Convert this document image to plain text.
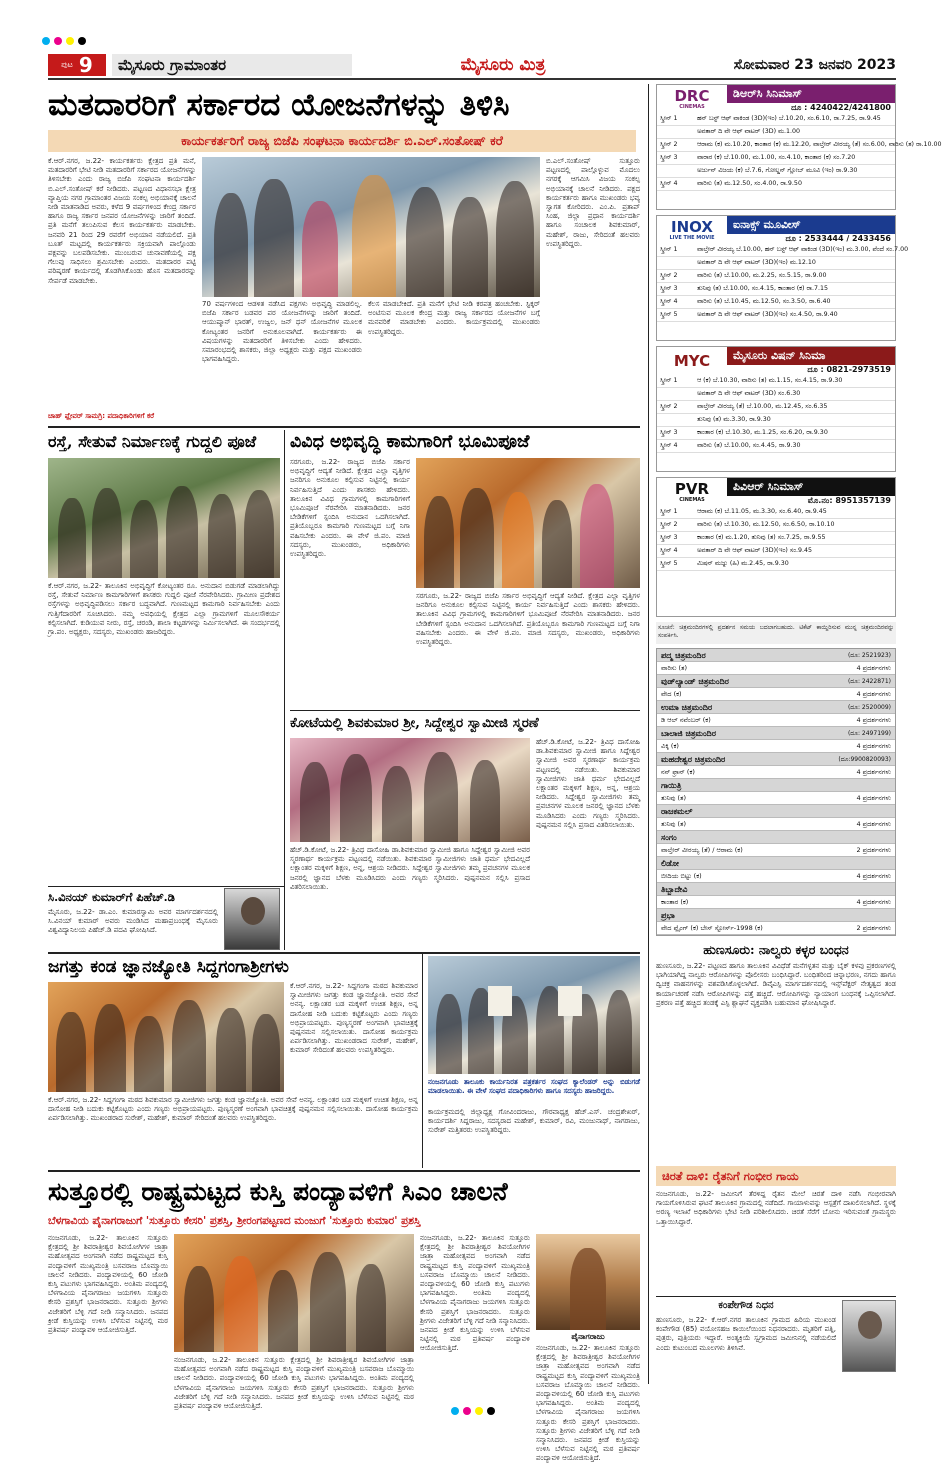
ಪುಟ 9	ಮೈಸೂರು ಗ್ರಾಮಾಂತರ	ಮೈಸೂರು ಮಿತ್ರ	ಸೋಮವಾರ 23 ಜನವರಿ 2023
ಮತದಾರರಿಗೆ ಸರ್ಕಾರದ ಯೋಜನೆಗಳನ್ನು ತಿಳಿಸಿ
ಕಾರ್ಯಕರ್ತರಿಗೆ ರಾಜ್ಯ ಬಿಜೆಪಿ ಸಂಘಟನಾ ಕಾರ್ಯದರ್ಶಿ ಬಿ.ಎಲ್.ಸಂತೋಷ್ ಕರೆ
ಕೆ.ಆರ್.ನಗರ, ಜ.22- ಕಾರ್ಯಕರ್ತರು ಕ್ಷೇತ್ರದ ಪ್ರತಿ ಮನೆ, ಮತದಾರರಿಗೆ ಭೇಟಿ ನೀಡಿ ಮತದಾರರಿಗೆ ಸರ್ಕಾರದ ಯೋಜನೆಗಳನ್ನು ತಿಳಿಸಬೇಕು ಎಂದು ರಾಜ್ಯ ಬಿಜೆಪಿ ಸಂಘಟನಾ ಕಾರ್ಯದರ್ಶಿ ಬಿ.ಎಲ್.ಸಂತೋಷ್ ಕರೆ ನೀಡಿದರು. ಪಟ್ಟಣದ ವಿಧಾನಸಭಾ ಕ್ಷೇತ್ರ ವ್ಯಾಪ್ತಿಯ ನಗರ ಗ್ರಾಮಾಂತರ ವಿಜಯ ಸಂಕಲ್ಪ ಅಭಿಯಾನಕ್ಕೆ ಚಾಲನೆ ನೀಡಿ ಮಾತನಾಡಿದ ಅವರು, ಕಳೆದ 9 ವರ್ಷಗಳಿಂದ ಕೇಂದ್ರ ಸರ್ಕಾರ ಹಾಗೂ ರಾಜ್ಯ ಸರ್ಕಾರ ಜನಪರ ಯೋಜನೆಗಳನ್ನು ಜಾರಿಗೆ ತಂದಿದೆ. ಪ್ರತಿ ಮನೆಗೆ ತಲುಪಿಸುವ ಕೆಲಸ ಕಾರ್ಯಕರ್ತರು ಮಾಡಬೇಕು. ಜನವರಿ 21 ರಿಂದ 29 ರವರೆಗೆ ಅಭಿಯಾನ ನಡೆಯಲಿದೆ. ಪ್ರತಿ ಬೂತ್ ಮಟ್ಟದಲ್ಲಿ ಕಾರ್ಯಕರ್ತರು ಸಕ್ರಿಯವಾಗಿ ಪಾಲ್ಗೊಂಡು ಪಕ್ಷವನ್ನು ಬಲಪಡಿಸಬೇಕು. ಮುಂಬರುವ ಚುನಾವಣೆಯಲ್ಲಿ ಪಕ್ಷ ಗೆಲುವು ಸಾಧಿಸಲು ಶ್ರಮಿಸಬೇಕು ಎಂದರು. ಮತದಾರರ ಪಟ್ಟಿ ಪರಿಷ್ಕರಣೆ ಕಾರ್ಯದಲ್ಲಿ ತೊಡಗಿಸಿಕೊಂಡು ಹೊಸ ಮತದಾರರನ್ನು ಸೇರ್ಪಡೆ ಮಾಡಬೇಕು.
ಚಾಹ್ ಫ್ಲೇವರ್ ಸಾಮಗ್ರಿ: ಪದಾಧಿಕಾರಿಗಳಿಗೆ ಕರೆ
70 ವರ್ಷಗಳಿಂದ ಆಡಳಿತ ನಡೆಸಿದ ಪಕ್ಷಗಳು ಅಭಿವೃದ್ಧಿ ಮಾಡಲಿಲ್ಲ. ಬಿಜೆಪಿ ಸರ್ಕಾರ ಬಡವರ ಪರ ಯೋಜನೆಗಳನ್ನು ಜಾರಿಗೆ ತಂದಿದೆ. ಆಯುಷ್ಮಾನ್ ಭಾರತ್, ಉಜ್ವಲ, ಜನ್ ಧನ್ ಯೋಜನೆಗಳ ಮೂಲಕ ಕೋಟ್ಯಂತರ ಜನರಿಗೆ ಅನುಕೂಲವಾಗಿದೆ. ಕಾರ್ಯಕರ್ತರು ಈ ವಿಷಯಗಳನ್ನು ಮತದಾರರಿಗೆ ತಿಳಿಸಬೇಕು ಎಂದು ಹೇಳಿದರು. ಸಮಾರಂಭದಲ್ಲಿ ಶಾಸಕರು, ಜಿಲ್ಲಾ ಅಧ್ಯಕ್ಷರು ಮತ್ತು ಪಕ್ಷದ ಮುಖಂಡರು ಭಾಗವಹಿಸಿದ್ದರು.
ಕೆಲಸ ಮಾಡಬೇಕಿದೆ. ಪ್ರತಿ ಮನೆಗೆ ಭೇಟಿ ನೀಡಿ ಕರಪತ್ರ ಹಂಚಬೇಕು. ಸ್ಟಿಕ್ಕರ್ ಅಂಟಿಸುವ ಮೂಲಕ ಕೇಂದ್ರ ಮತ್ತು ರಾಜ್ಯ ಸರ್ಕಾರದ ಯೋಜನೆಗಳ ಬಗ್ಗೆ ಮನವರಿಕೆ ಮಾಡಬೇಕು ಎಂದರು. ಕಾರ್ಯಕ್ರಮದಲ್ಲಿ ಮುಖಂಡರು ಉಪಸ್ಥಿತರಿದ್ದರು.
ಬಿ.ಎಲ್.ಸಂತೋಷ್ ಸುತ್ತೂರು ಪಟ್ಟಣದಲ್ಲಿ ಪಾಲ್ಗೊಳ್ಳುವ ಮೊದಲು ನಗರಕ್ಕೆ ಆಗಮಿಸಿ ವಿಜಯ ಸಂಕಲ್ಪ ಅಭಿಯಾನಕ್ಕೆ ಚಾಲನೆ ನೀಡಿದರು. ಪಕ್ಷದ ಕಾರ್ಯಕರ್ತರು ಹಾಗೂ ಮುಖಂಡರು ಭವ್ಯ ಸ್ವಾಗತ ಕೋರಿದರು. ಎಂ.ಪಿ. ಪ್ರತಾಪ್ ಸಿಂಹ, ಜಿಲ್ಲಾ ಪ್ರಧಾನ ಕಾರ್ಯದರ್ಶಿ ಹಾಗೂ ಸಂಚಾಲಕ ಶಿವಕುಮಾರ್, ಮಹೇಶ್, ರಾಜು, ಸೇರಿದಂತೆ ಹಲವರು ಉಪಸ್ಥಿತರಿದ್ದರು.
ರಸ್ತೆ, ಸೇತುವೆ ನಿರ್ಮಾಣಕ್ಕೆ ಗುದ್ದಲಿ ಪೂಜೆ
ಕೆ.ಆರ್.ನಗರ, ಜ.22- ತಾಲೂಕಿನ ಅಭಿವೃದ್ಧಿಗೆ ಕೋಟ್ಯಂತರ ರೂ. ಅನುದಾನ ಬಿಡುಗಡೆ ಮಾಡಲಾಗಿದ್ದು ರಸ್ತೆ, ಸೇತುವೆ ನಿರ್ಮಾಣ ಕಾಮಗಾರಿಗಳಿಗೆ ಶಾಸಕರು ಗುದ್ದಲಿ ಪೂಜೆ ನೆರವೇರಿಸಿದರು. ಗ್ರಾಮೀಣ ಪ್ರದೇಶದ ರಸ್ತೆಗಳನ್ನು ಅಭಿವೃದ್ಧಿಪಡಿಸಲು ಸರ್ಕಾರ ಬದ್ಧವಾಗಿದೆ. ಗುಣಮಟ್ಟದ ಕಾಮಗಾರಿ ನಿರ್ವಹಿಸಬೇಕು ಎಂದು ಗುತ್ತಿಗೆದಾರರಿಗೆ ಸೂಚಿಸಿದರು. ನಮ್ಮ ಅವಧಿಯಲ್ಲಿ ಕ್ಷೇತ್ರದ ಎಲ್ಲಾ ಗ್ರಾಮಗಳಿಗೆ ಮೂಲಸೌಕರ್ಯ ಕಲ್ಪಿಸಲಾಗಿದೆ. ಕುಡಿಯುವ ನೀರು, ರಸ್ತೆ, ಚರಂಡಿ, ಶಾಲಾ ಕಟ್ಟಡಗಳನ್ನು ನಿರ್ಮಿಸಲಾಗಿದೆ. ಈ ಸಂದರ್ಭದಲ್ಲಿ ಗ್ರಾ.ಪಂ. ಅಧ್ಯಕ್ಷರು, ಸದಸ್ಯರು, ಮುಖಂಡರು ಹಾಜರಿದ್ದರು.
ವಿವಿಧ ಅಭಿವೃದ್ಧಿ ಕಾಮಗಾರಿಗೆ ಭೂಮಿಪೂಜೆ
ಸರಗೂರು, ಜ.22- ರಾಜ್ಯದ ಬಿಜೆಪಿ ಸರ್ಕಾರ ಅಭಿವೃದ್ಧಿಗೆ ಆದ್ಯತೆ ನೀಡಿದೆ. ಕ್ಷೇತ್ರದ ಎಲ್ಲಾ ವೃತ್ತಿಗಳ ಜನರಿಗೂ ಅನುಕೂಲ ಕಲ್ಪಿಸುವ ನಿಟ್ಟಿನಲ್ಲಿ ಕಾರ್ಯ ನಿರ್ವಹಿಸುತ್ತಿದೆ ಎಂದು ಶಾಸಕರು ಹೇಳಿದರು. ತಾಲೂಕಿನ ವಿವಿಧ ಗ್ರಾಮಗಳಲ್ಲಿ ಕಾಮಗಾರಿಗಳಿಗೆ ಭೂಮಿಪೂಜೆ ನೆರವೇರಿಸಿ ಮಾತನಾಡಿದರು. ಜನರ ಬೇಡಿಕೆಗಳಿಗೆ ಸ್ಪಂದಿಸಿ ಅನುದಾನ ಒದಗಿಸಲಾಗಿದೆ. ಪ್ರತಿಯೊಬ್ಬರೂ ಕಾಮಗಾರಿ ಗುಣಮಟ್ಟದ ಬಗ್ಗೆ ನಿಗಾ ವಹಿಸಬೇಕು ಎಂದರು. ಈ ವೇಳೆ ಜಿ.ಪಂ. ಮಾಜಿ ಸದಸ್ಯರು, ಮುಖಂಡರು, ಅಧಿಕಾರಿಗಳು ಉಪಸ್ಥಿತರಿದ್ದರು.
ಸರಗೂರು, ಜ.22- ರಾಜ್ಯದ ಬಿಜೆಪಿ ಸರ್ಕಾರ ಅಭಿವೃದ್ಧಿಗೆ ಆದ್ಯತೆ ನೀಡಿದೆ. ಕ್ಷೇತ್ರದ ಎಲ್ಲಾ ವೃತ್ತಿಗಳ ಜನರಿಗೂ ಅನುಕೂಲ ಕಲ್ಪಿಸುವ ನಿಟ್ಟಿನಲ್ಲಿ ಕಾರ್ಯ ನಿರ್ವಹಿಸುತ್ತಿದೆ ಎಂದು ಶಾಸಕರು ಹೇಳಿದರು. ತಾಲೂಕಿನ ವಿವಿಧ ಗ್ರಾಮಗಳಲ್ಲಿ ಕಾಮಗಾರಿಗಳಿಗೆ ಭೂಮಿಪೂಜೆ ನೆರವೇರಿಸಿ ಮಾತನಾಡಿದರು. ಜನರ ಬೇಡಿಕೆಗಳಿಗೆ ಸ್ಪಂದಿಸಿ ಅನುದಾನ ಒದಗಿಸಲಾಗಿದೆ. ಪ್ರತಿಯೊಬ್ಬರೂ ಕಾಮಗಾರಿ ಗುಣಮಟ್ಟದ ಬಗ್ಗೆ ನಿಗಾ ವಹಿಸಬೇಕು ಎಂದರು. ಈ ವೇಳೆ ಜಿ.ಪಂ. ಮಾಜಿ ಸದಸ್ಯರು, ಮುಖಂಡರು, ಅಧಿಕಾರಿಗಳು ಉಪಸ್ಥಿತರಿದ್ದರು.
ಕೋಟೆಯಲ್ಲಿ ಶಿವಕುಮಾರ ಶ್ರೀ, ಸಿದ್ದೇಶ್ವರ ಸ್ವಾಮೀಜಿ ಸ್ಮರಣೆ
ಹೆಚ್.ಡಿ.ಕೋಟೆ, ಜ.22- ತ್ರಿವಿಧ ದಾಸೋಹಿ ಡಾ.ಶಿವಕುಮಾರ ಸ್ವಾಮೀಜಿ ಹಾಗೂ ಸಿದ್ದೇಶ್ವರ ಸ್ವಾಮೀಜಿ ಅವರ ಸ್ಮರಣಾರ್ಥ ಕಾರ್ಯಕ್ರಮ ಪಟ್ಟಣದಲ್ಲಿ ನಡೆಯಿತು. ಶಿವಕುಮಾರ ಸ್ವಾಮೀಜಿಗಳು ಜಾತಿ ಧರ್ಮ ಭೇದವಿಲ್ಲದೆ ಲಕ್ಷಾಂತರ ಮಕ್ಕಳಿಗೆ ಶಿಕ್ಷಣ, ಅನ್ನ, ಆಶ್ರಯ ನೀಡಿದರು. ಸಿದ್ದೇಶ್ವರ ಸ್ವಾಮೀಜಿಗಳು ತಮ್ಮ ಪ್ರವಚನಗಳ ಮೂಲಕ ಜನರಲ್ಲಿ ಜ್ಞಾನದ ಬೆಳಕು ಮೂಡಿಸಿದರು ಎಂದು ಗಣ್ಯರು ಸ್ಮರಿಸಿದರು. ಪುಷ್ಪನಮನ ಸಲ್ಲಿಸಿ ಪ್ರಸಾದ ವಿತರಿಸಲಾಯಿತು.
ಹೆಚ್.ಡಿ.ಕೋಟೆ, ಜ.22- ತ್ರಿವಿಧ ದಾಸೋಹಿ ಡಾ.ಶಿವಕುಮಾರ ಸ್ವಾಮೀಜಿ ಹಾಗೂ ಸಿದ್ದೇಶ್ವರ ಸ್ವಾಮೀಜಿ ಅವರ ಸ್ಮರಣಾರ್ಥ ಕಾರ್ಯಕ್ರಮ ಪಟ್ಟಣದಲ್ಲಿ ನಡೆಯಿತು. ಶಿವಕುಮಾರ ಸ್ವಾಮೀಜಿಗಳು ಜಾತಿ ಧರ್ಮ ಭೇದವಿಲ್ಲದೆ ಲಕ್ಷಾಂತರ ಮಕ್ಕಳಿಗೆ ಶಿಕ್ಷಣ, ಅನ್ನ, ಆಶ್ರಯ ನೀಡಿದರು. ಸಿದ್ದೇಶ್ವರ ಸ್ವಾಮೀಜಿಗಳು ತಮ್ಮ ಪ್ರವಚನಗಳ ಮೂಲಕ ಜನರಲ್ಲಿ ಜ್ಞಾನದ ಬೆಳಕು ಮೂಡಿಸಿದರು ಎಂದು ಗಣ್ಯರು ಸ್ಮರಿಸಿದರು. ಪುಷ್ಪನಮನ ಸಲ್ಲಿಸಿ ಪ್ರಸಾದ ವಿತರಿಸಲಾಯಿತು.
ಸಿ.ವಿನಯ್ ಕುಮಾರ್‌ಗೆ ಪಿಹೆಚ್.ಡಿ
ಮೈಸೂರು, ಜ.22- ಡಾ.ಎಂ. ಕುಮಾರಸ್ವಾಮಿ ಅವರ ಮಾರ್ಗದರ್ಶನದಲ್ಲಿ ಸಿ.ವಿನಯ್ ಕುಮಾರ್ ಅವರು ಮಂಡಿಸಿದ ಮಹಾಪ್ರಬಂಧಕ್ಕೆ ಮೈಸೂರು ವಿಶ್ವವಿದ್ಯಾನಿಲಯ ಪಿಹೆಚ್.ಡಿ ಪದವಿ ಘೋಷಿಸಿದೆ.
ಜಗತ್ತು ಕಂಡ ಜ್ಞಾನಜ್ಯೋತಿ ಸಿದ್ದಗಂಗಾಶ್ರೀಗಳು
ಕೆ.ಆರ್.ನಗರ, ಜ.22- ಸಿದ್ದಗಂಗಾ ಮಠದ ಶಿವಕುಮಾರ ಸ್ವಾಮೀಜಿಗಳು ಜಗತ್ತು ಕಂಡ ಜ್ಞಾನಜ್ಯೋತಿ. ಅವರ ಸೇವೆ ಅನನ್ಯ. ಲಕ್ಷಾಂತರ ಬಡ ಮಕ್ಕಳಿಗೆ ಉಚಿತ ಶಿಕ್ಷಣ, ಅನ್ನ ದಾಸೋಹ ನೀಡಿ ಬದುಕು ಕಟ್ಟಿಕೊಟ್ಟರು ಎಂದು ಗಣ್ಯರು ಅಭಿಪ್ರಾಯಪಟ್ಟರು. ಪುಣ್ಯಸ್ಮರಣೆ ಅಂಗವಾಗಿ ಭಾವಚಿತ್ರಕ್ಕೆ ಪುಷ್ಪನಮನ ಸಲ್ಲಿಸಲಾಯಿತು. ದಾಸೋಹ ಕಾರ್ಯಕ್ರಮ ಏರ್ಪಡಿಸಲಾಗಿತ್ತು. ಮುಖಂಡರಾದ ಸುರೇಶ್, ಮಹೇಶ್, ಕುಮಾರ್ ಸೇರಿದಂತೆ ಹಲವರು ಉಪಸ್ಥಿತರಿದ್ದರು.
ಕೆ.ಆರ್.ನಗರ, ಜ.22- ಸಿದ್ದಗಂಗಾ ಮಠದ ಶಿವಕುಮಾರ ಸ್ವಾಮೀಜಿಗಳು ಜಗತ್ತು ಕಂಡ ಜ್ಞಾನಜ್ಯೋತಿ. ಅವರ ಸೇವೆ ಅನನ್ಯ. ಲಕ್ಷಾಂತರ ಬಡ ಮಕ್ಕಳಿಗೆ ಉಚಿತ ಶಿಕ್ಷಣ, ಅನ್ನ ದಾಸೋಹ ನೀಡಿ ಬದುಕು ಕಟ್ಟಿಕೊಟ್ಟರು ಎಂದು ಗಣ್ಯರು ಅಭಿಪ್ರಾಯಪಟ್ಟರು. ಪುಣ್ಯಸ್ಮರಣೆ ಅಂಗವಾಗಿ ಭಾವಚಿತ್ರಕ್ಕೆ ಪುಷ್ಪನಮನ ಸಲ್ಲಿಸಲಾಯಿತು. ದಾಸೋಹ ಕಾರ್ಯಕ್ರಮ ಏರ್ಪಡಿಸಲಾಗಿತ್ತು. ಮುಖಂಡರಾದ ಸುರೇಶ್, ಮಹೇಶ್, ಕುಮಾರ್ ಸೇರಿದಂತೆ ಹಲವರು ಉಪಸ್ಥಿತರಿದ್ದರು.
ನಂಜನಗೂಡು ತಾಲೂಕು ಕಾರ್ಯನಿರತ ಪತ್ರಕರ್ತರ ಸಂಘದ ಕ್ಯಾಲೆಂಡರ್ ಅನ್ನು ಬಿಡುಗಡೆ ಮಾಡಲಾಯಿತು. ಈ ವೇಳೆ ಸಂಘದ ಪದಾಧಿಕಾರಿಗಳು ಹಾಗೂ ಸದಸ್ಯರು ಹಾಜರಿದ್ದರು.
ಕಾರ್ಯಕ್ರಮದಲ್ಲಿ ಜಿಲ್ಲಾಧ್ಯಕ್ಷ ಗೋವಿಂದರಾಜು, ಗೌರವಾಧ್ಯಕ್ಷ ಹೆಚ್.ಎಸ್. ಚಂದ್ರಶೇಖರ್, ಕಾರ್ಯದರ್ಶಿ ಸಿದ್ದರಾಜು, ಸದಸ್ಯರಾದ ಮಹೇಶ್, ಕುಮಾರ್, ರವಿ, ಮಂಜುನಾಥ್, ನಾಗರಾಜು, ಸುರೇಶ್ ಮತ್ತಿತರರು ಉಪಸ್ಥಿತರಿದ್ದರು.
ಸುತ್ತೂರಲ್ಲಿ ರಾಷ್ಟ್ರಮಟ್ಟದ ಕುಸ್ತಿ ಪಂದ್ಯಾವಳಿಗೆ ಸಿಎಂ ಚಾಲನೆ
ಬೆಳಗಾವಿಯ ಪೈನಾಗರಾಜುಗೆ 'ಸುತ್ತೂರು ಕೇಸರಿ' ಪ್ರಶಸ್ತಿ, ಶ್ರೀರಂಗಪಟ್ಟಣದ ಮಂಜುಗೆ 'ಸುತ್ತೂರು ಕುಮಾರ' ಪ್ರಶಸ್ತಿ
ನಂಜನಗೂಡು, ಜ.22- ತಾಲೂಕಿನ ಸುತ್ತೂರು ಕ್ಷೇತ್ರದಲ್ಲಿ ಶ್ರೀ ಶಿವರಾತ್ರೀಶ್ವರ ಶಿವಯೋಗಿಗಳ ಜಾತ್ರಾ ಮಹೋತ್ಸವದ ಅಂಗವಾಗಿ ನಡೆದ ರಾಷ್ಟ್ರಮಟ್ಟದ ಕುಸ್ತಿ ಪಂದ್ಯಾವಳಿಗೆ ಮುಖ್ಯಮಂತ್ರಿ ಬಸವರಾಜ ಬೊಮ್ಮಾಯಿ ಚಾಲನೆ ನೀಡಿದರು. ಪಂದ್ಯಾವಳಿಯಲ್ಲಿ 60 ಜೋಡಿ ಕುಸ್ತಿ ಪಟುಗಳು ಭಾಗವಹಿಸಿದ್ದರು. ಅಂತಿಮ ಪಂದ್ಯದಲ್ಲಿ ಬೆಳಗಾವಿಯ ಪೈನಾಗರಾಜು ಜಯಗಳಿಸಿ ಸುತ್ತೂರು ಕೇಸರಿ ಪ್ರಶಸ್ತಿಗೆ ಭಾಜನರಾದರು. ಸುತ್ತೂರು ಶ್ರೀಗಳು ವಿಜೇತರಿಗೆ ಬೆಳ್ಳಿ ಗದೆ ನೀಡಿ ಸನ್ಮಾನಿಸಿದರು. ಜನಪದ ಕ್ರೀಡೆ ಕುಸ್ತಿಯನ್ನು ಉಳಿಸಿ ಬೆಳೆಸುವ ನಿಟ್ಟಿನಲ್ಲಿ ಮಠ ಪ್ರತಿವರ್ಷ ಪಂದ್ಯಾವಳಿ ಆಯೋಜಿಸುತ್ತಿದೆ.
ನಂಜನಗೂಡು, ಜ.22- ತಾಲೂಕಿನ ಸುತ್ತೂರು ಕ್ಷೇತ್ರದಲ್ಲಿ ಶ್ರೀ ಶಿವರಾತ್ರೀಶ್ವರ ಶಿವಯೋಗಿಗಳ ಜಾತ್ರಾ ಮಹೋತ್ಸವದ ಅಂಗವಾಗಿ ನಡೆದ ರಾಷ್ಟ್ರಮಟ್ಟದ ಕುಸ್ತಿ ಪಂದ್ಯಾವಳಿಗೆ ಮುಖ್ಯಮಂತ್ರಿ ಬಸವರಾಜ ಬೊಮ್ಮಾಯಿ ಚಾಲನೆ ನೀಡಿದರು. ಪಂದ್ಯಾವಳಿಯಲ್ಲಿ 60 ಜೋಡಿ ಕುಸ್ತಿ ಪಟುಗಳು ಭಾಗವಹಿಸಿದ್ದರು. ಅಂತಿಮ ಪಂದ್ಯದಲ್ಲಿ ಬೆಳಗಾವಿಯ ಪೈನಾಗರಾಜು ಜಯಗಳಿಸಿ ಸುತ್ತೂರು ಕೇಸರಿ ಪ್ರಶಸ್ತಿಗೆ ಭಾಜನರಾದರು. ಸುತ್ತೂರು ಶ್ರೀಗಳು ವಿಜೇತರಿಗೆ ಬೆಳ್ಳಿ ಗದೆ ನೀಡಿ ಸನ್ಮಾನಿಸಿದರು. ಜನಪದ ಕ್ರೀಡೆ ಕುಸ್ತಿಯನ್ನು ಉಳಿಸಿ ಬೆಳೆಸುವ ನಿಟ್ಟಿನಲ್ಲಿ ಮಠ ಪ್ರತಿವರ್ಷ ಪಂದ್ಯಾವಳಿ ಆಯೋಜಿಸುತ್ತಿದೆ.
ನಂಜನಗೂಡು, ಜ.22- ತಾಲೂಕಿನ ಸುತ್ತೂರು ಕ್ಷೇತ್ರದಲ್ಲಿ ಶ್ರೀ ಶಿವರಾತ್ರೀಶ್ವರ ಶಿವಯೋಗಿಗಳ ಜಾತ್ರಾ ಮಹೋತ್ಸವದ ಅಂಗವಾಗಿ ನಡೆದ ರಾಷ್ಟ್ರಮಟ್ಟದ ಕುಸ್ತಿ ಪಂದ್ಯಾವಳಿಗೆ ಮುಖ್ಯಮಂತ್ರಿ ಬಸವರಾಜ ಬೊಮ್ಮಾಯಿ ಚಾಲನೆ ನೀಡಿದರು. ಪಂದ್ಯಾವಳಿಯಲ್ಲಿ 60 ಜೋಡಿ ಕುಸ್ತಿ ಪಟುಗಳು ಭಾಗವಹಿಸಿದ್ದರು. ಅಂತಿಮ ಪಂದ್ಯದಲ್ಲಿ ಬೆಳಗಾವಿಯ ಪೈನಾಗರಾಜು ಜಯಗಳಿಸಿ ಸುತ್ತೂರು ಕೇಸರಿ ಪ್ರಶಸ್ತಿಗೆ ಭಾಜನರಾದರು. ಸುತ್ತೂರು ಶ್ರೀಗಳು ವಿಜೇತರಿಗೆ ಬೆಳ್ಳಿ ಗದೆ ನೀಡಿ ಸನ್ಮಾನಿಸಿದರು. ಜನಪದ ಕ್ರೀಡೆ ಕುಸ್ತಿಯನ್ನು ಉಳಿಸಿ ಬೆಳೆಸುವ ನಿಟ್ಟಿನಲ್ಲಿ ಮಠ ಪ್ರತಿವರ್ಷ ಪಂದ್ಯಾವಳಿ ಆಯೋಜಿಸುತ್ತಿದೆ.
ಪೈನಾಗರಾಜು
ನಂಜನಗೂಡು, ಜ.22- ತಾಲೂಕಿನ ಸುತ್ತೂರು ಕ್ಷೇತ್ರದಲ್ಲಿ ಶ್ರೀ ಶಿವರಾತ್ರೀಶ್ವರ ಶಿವಯೋಗಿಗಳ ಜಾತ್ರಾ ಮಹೋತ್ಸವದ ಅಂಗವಾಗಿ ನಡೆದ ರಾಷ್ಟ್ರಮಟ್ಟದ ಕುಸ್ತಿ ಪಂದ್ಯಾವಳಿಗೆ ಮುಖ್ಯಮಂತ್ರಿ ಬಸವರಾಜ ಬೊಮ್ಮಾಯಿ ಚಾಲನೆ ನೀಡಿದರು. ಪಂದ್ಯಾವಳಿಯಲ್ಲಿ 60 ಜೋಡಿ ಕುಸ್ತಿ ಪಟುಗಳು ಭಾಗವಹಿಸಿದ್ದರು. ಅಂತಿಮ ಪಂದ್ಯದಲ್ಲಿ ಬೆಳಗಾವಿಯ ಪೈನಾಗರಾಜು ಜಯಗಳಿಸಿ ಸುತ್ತೂರು ಕೇಸರಿ ಪ್ರಶಸ್ತಿಗೆ ಭಾಜನರಾದರು. ಸುತ್ತೂರು ಶ್ರೀಗಳು ವಿಜೇತರಿಗೆ ಬೆಳ್ಳಿ ಗದೆ ನೀಡಿ ಸನ್ಮಾನಿಸಿದರು. ಜನಪದ ಕ್ರೀಡೆ ಕುಸ್ತಿಯನ್ನು ಉಳಿಸಿ ಬೆಳೆಸುವ ನಿಟ್ಟಿನಲ್ಲಿ ಮಠ ಪ್ರತಿವರ್ಷ ಪಂದ್ಯಾವಳಿ ಆಯೋಜಿಸುತ್ತಿದೆ.
DRC
CINEMAS
ಡಿಆರ್‌ಸಿ ಸಿನಿಮಾಸ್
ದೂ : 4240422/4241800
ಸ್ಕ್ರೀನ್ 1	ಹನ್ ಬಸ್ಟ್ ಆಫ್ ವಾಕಿಂಡ (3D)(ಇಂ) ಬೆ.10.20, ಸಂ.6.10, ರಾ.7.25, ರಾ.9.45
ಅವತಾರ್ ದಿ ವೇ ಆಫ್ ವಾಟರ್ (3D) ಮ.1.00
ಸ್ಕ್ರೀನ್ 2	ಆರಾಮ (ಕ) ಮ.10.20, ಕಾಂತಾರ (ಕ) ಮ.12.20, ವಾಲ್ತೇರ್ ವೀರಯ್ಯ (ತೆ) ಸಂ.6.00, ವಾರಿಸು (ತ) ರಾ.10.00
ಸ್ಕ್ರೀನ್ 3	ವಾರಾರ (ಕ) ಬೆ.10.00, ಮ.1.00, ಸಂ.4.10, ಕಾಂತಾರ (ಕ) ಸಂ.7.20
ಅರ್ಜುನ್ ವಿಜಯ (ಕ) ಬೆ.7.6, ಗೋಲ್ಡನ್ ಗ್ಲೋಬ್ ಮೂವಿ (ಇಂ) ರಾ.9.30
ಸ್ಕ್ರೀನ್ 4	ವಾರಿಸು (ತ) ಮ.12.50, ಸಂ.4.00, ರಾ.9.50
INOX
LIVE THE MOVIE
ಐನಾಕ್ಸ್ ಮೂವೀಸ್
ದೂ : 2533444 / 2433456
ಸ್ಕ್ರೀನ್ 1	ವಾಲ್ತೇರ್ ವೀರಯ್ಯ ಬೆ.10.00, ಹನ್ ಬಸ್ಟ್ ಆಫ್ ವಾಕಿಂಡ (3D)(ಇಂ) ಮ.3.00, ಪೆಂದೆ ಸಂ.7.00
ಅವತಾರ್ ದಿ ವೇ ಆಫ್ ವಾಟರ್ (3D)(ಇಂ) ಮ.12.10
ಸ್ಕ್ರೀನ್ 2	ವಾರಿಸು (ತ) ಬೆ.10.00, ಮ.2.25, ಸಂ.5.15, ರಾ.9.00
ಸ್ಕ್ರೀನ್ 3	ತುನಿವು (ತ) ಬೆ.10.00, ಸಂ.4.15, ಕಾಂತಾರ (ಕ) ರಾ.7.15
ಸ್ಕ್ರೀನ್ 4	ವಾರಿಸು (ತ) ಬೆ.10.45, ಮ.12.50, ಸಂ.3.50, ರಾ.6.40
ಸ್ಕ್ರೀನ್ 5	ಅವತಾರ್ ದಿ ವೇ ಆಫ್ ವಾಟರ್ (3D)(ಇಂ) ಸಂ.4.50, ರಾ.9.40
MYC	ಮೈಸೂರು ವಿಷನ್ ಸಿನಿಮಾ
ದೂ : 0821-2973519
ಸ್ಕ್ರೀನ್ 1	ಆ (ಕ) ಬೆ.10.30, ವಾರಿಸು (ತ) ಮ.1.15, ಸಂ.4.15, ರಾ.9.30
ಅವತಾರ್ ದಿ ವೇ ಆಫ್ ವಾಟರ್ (3D) ಸಂ.6.30
ಸ್ಕ್ರೀನ್ 2	ವಾಲ್ತೇರ್ ವೀರಯ್ಯ (ತೆ) ಬೆ.10.00, ಮ.12.45, ಸಂ.6.35
ತುನಿವು (ತ) ಮ.3.30, ರಾ.9.30
ಸ್ಕ್ರೀನ್ 3	ಕಾಂತಾರ (ಕ) ಬೆ.10.30, ಮ.1.25, ಸಂ.6.20, ರಾ.9.30
ಸ್ಕ್ರೀನ್ 4	ವಾರಿಸು (ತ) ಬೆ.10.00, ಸಂ.4.45, ರಾ.9.30
PVR
CINEMAS
ಪಿವಿಆರ್ ಸಿನಿಮಾಸ್
ಮೊ.ನಂ: 8951357139
ಸ್ಕ್ರೀನ್ 1	ಆರಾಮ (ಕ) ಬೆ.11.05, ಮ.3.30, ಸಂ.6.40, ರಾ.9.45
ಸ್ಕ್ರೀನ್ 2	ವಾರಿಸು (ತ) ಬೆ.10.30, ಮ.12.50, ಸಂ.6.50, ರಾ.10.10
ಸ್ಕ್ರೀನ್ 3	ಕಾಂತಾರ (ಕ) ಮ.1.20, ತುನಿವು (ತ) ಸಂ.7.25, ರಾ.9.55
ಸ್ಕ್ರೀನ್ 4	ಅವತಾರ್ ದಿ ವೇ ಆಫ್ ವಾಟರ್ (3D)(ಇಂ) ಸಂ.9.45
ಸ್ಕ್ರೀನ್ 5	ಮಿಷನ್ ಮಜ್ನು (ಹಿ) ಮ.2.45, ರಾ.9.30
ಸೂಚನೆ: ಚಿತ್ರಮಂದಿರಗಳಲ್ಲಿ ಪ್ರದರ್ಶನ ಸಮಯ ಬದಲಾಗಬಹುದು. ಟಿಕೆಟ್ ಕಾಯ್ದಿರಿಸುವ ಮುನ್ನ ಚಿತ್ರಮಂದಿರವನ್ನು ಸಂಪರ್ಕಿಸಿ.
ಪದ್ಮ ಚಿತ್ರಮಂದಿರ	(ದೂ: 2521923)
ವಾರಿಸು (ತ)	4 ಪ್ರದರ್ಶನಗಳು
ವುಡ್‌ಲ್ಯಾಂಡ್ ಚಿತ್ರಮಂದಿರ	(ದೂ: 2422871)
ವೇದ (ಕ)	4 ಪ್ರದರ್ಶನಗಳು
ಉಮಾ ಚಿತ್ರಮಂದಿರ	(ದೂ: 2520009)
ಡಿ ಆಲ್ ನವೆಂಬರ್ (ಕ)	4 ಪ್ರದರ್ಶನಗಳು
ಬಾಲಾಜಿ ಚಿತ್ರಮಂದಿರ	(ದೂ: 2497199)
ವಿಕ್ಕಿ (ಕ)	4 ಪ್ರದರ್ಶನಗಳು
ಮಹದೇಶ್ವರ ಚಿತ್ರಮಂದಿರ	(ದೂ:9900820093)
ನನ್ ಫ್ರಾನ್ (ಕ)	4 ಪ್ರದರ್ಶನಗಳು
ಗಾಯಿತ್ರಿ
ತುನಿವು (ತ)	4 ಪ್ರದರ್ಶನಗಳು
ರಾಜಕಮಲ್
ತುನಿವು (ತ)	4 ಪ್ರದರ್ಶನಗಳು
ಸಂಗಂ
ವಾಲ್ತೇರ್ ವೀರಯ್ಯ (ತೆ) / ಆರಾಮ (ಕ)	2 ಪ್ರದರ್ಶನಗಳು
ಲಿಡೋ
ಬೀದಿಯ ಬಿಟ್ಟು (ಕ)	4 ಪ್ರದರ್ಶನಗಳು
ತಿಬ್ಬಾದೇವಿ
ಕಾಂತಾರ (ಕ)	4 ಪ್ರದರ್ಶನಗಳು
ಪ್ರಭಾ
ವೇದ ಪ್ಲೈಂಗ್ (ಕ) ಬೇಸ್ ಸ್ಟೋರ್ಸ್-1998 (ಕ)	2 ಪ್ರದರ್ಶನಗಳು
ಹುಣಸೂರು: ನಾಲ್ವರು ಕಳ್ಳರ ಬಂಧನ
ಹುಣಸೂರು, ಜ.22- ಪಟ್ಟಣದ ಹಾಗೂ ತಾಲೂಕಿನ ವಿವಿಧೆಡೆ ಮನೆಗಳ್ಳತನ ಮತ್ತು ಬೈಕ್ ಕಳವು ಪ್ರಕರಣಗಳಲ್ಲಿ ಭಾಗಿಯಾಗಿದ್ದ ನಾಲ್ವರು ಆರೋಪಿಗಳನ್ನು ಪೊಲೀಸರು ಬಂಧಿಸಿದ್ದಾರೆ. ಬಂಧಿತರಿಂದ ಚಿನ್ನಾಭರಣ, ನಗದು ಹಾಗೂ ದ್ವಿಚಕ್ರ ವಾಹನಗಳನ್ನು ವಶಪಡಿಸಿಕೊಳ್ಳಲಾಗಿದೆ. ಡಿವೈಎಸ್ಪಿ ಮಾರ್ಗದರ್ಶನದಲ್ಲಿ ಇನ್ಸ್‌ಪೆಕ್ಟರ್ ನೇತೃತ್ವದ ತಂಡ ಕಾರ್ಯಾಚರಣೆ ನಡೆಸಿ ಆರೋಪಿಗಳನ್ನು ಪತ್ತೆ ಹಚ್ಚಿದೆ. ಆರೋಪಿಗಳನ್ನು ನ್ಯಾಯಾಂಗ ಬಂಧನಕ್ಕೆ ಒಪ್ಪಿಸಲಾಗಿದೆ. ಪ್ರಕರಣ ಪತ್ತೆ ಹಚ್ಚಿದ ತಂಡಕ್ಕೆ ಎಸ್ಪಿ ಶ್ಲಾಘನೆ ವ್ಯಕ್ತಪಡಿಸಿ ಬಹುಮಾನ ಘೋಷಿಸಿದ್ದಾರೆ.
ಚಿರತೆ ದಾಳಿ: ರೈತನಿಗೆ ಗಂಭೀರ ಗಾಯ
ನಂಜನಗೂಡು, ಜ.22- ಜಮೀನಿಗೆ ತೆರಳಿದ್ದ ರೈತನ ಮೇಲೆ ಚಿರತೆ ದಾಳಿ ನಡೆಸಿ ಗಂಭೀರವಾಗಿ ಗಾಯಗೊಳಿಸಿರುವ ಘಟನೆ ತಾಲೂಕಿನ ಗ್ರಾಮದಲ್ಲಿ ನಡೆದಿದೆ. ಗಾಯಾಳುವನ್ನು ಆಸ್ಪತ್ರೆಗೆ ದಾಖಲಿಸಲಾಗಿದೆ. ಸ್ಥಳಕ್ಕೆ ಅರಣ್ಯ ಇಲಾಖೆ ಅಧಿಕಾರಿಗಳು ಭೇಟಿ ನೀಡಿ ಪರಿಶೀಲಿಸಿದರು. ಚಿರತೆ ಸೆರೆಗೆ ಬೋನು ಇರಿಸುವಂತೆ ಗ್ರಾಮಸ್ಥರು ಒತ್ತಾಯಿಸಿದ್ದಾರೆ.
ಕಂಪೇಗೌಡ ನಿಧನ
ಹುಣಸೂರು, ಜ.22- ಕೆ.ಆರ್.ನಗರ ತಾಲೂಕಿನ ಗ್ರಾಮದ ಹಿರಿಯ ಮುಖಂಡ ಕಂಪೇಗೌಡ (85) ವಯೋಸಹಜ ಕಾಯಿಲೆಯಿಂದ ನಿಧನರಾದರು. ಮೃತರಿಗೆ ಪತ್ನಿ, ಪುತ್ರರು, ಪುತ್ರಿಯರು ಇದ್ದಾರೆ. ಅಂತ್ಯಕ್ರಿಯೆ ಸ್ವಗ್ರಾಮದ ಜಮೀನಿನಲ್ಲಿ ನಡೆಯಲಿದೆ ಎಂದು ಕುಟುಂಬದ ಮೂಲಗಳು ತಿಳಿಸಿವೆ.
